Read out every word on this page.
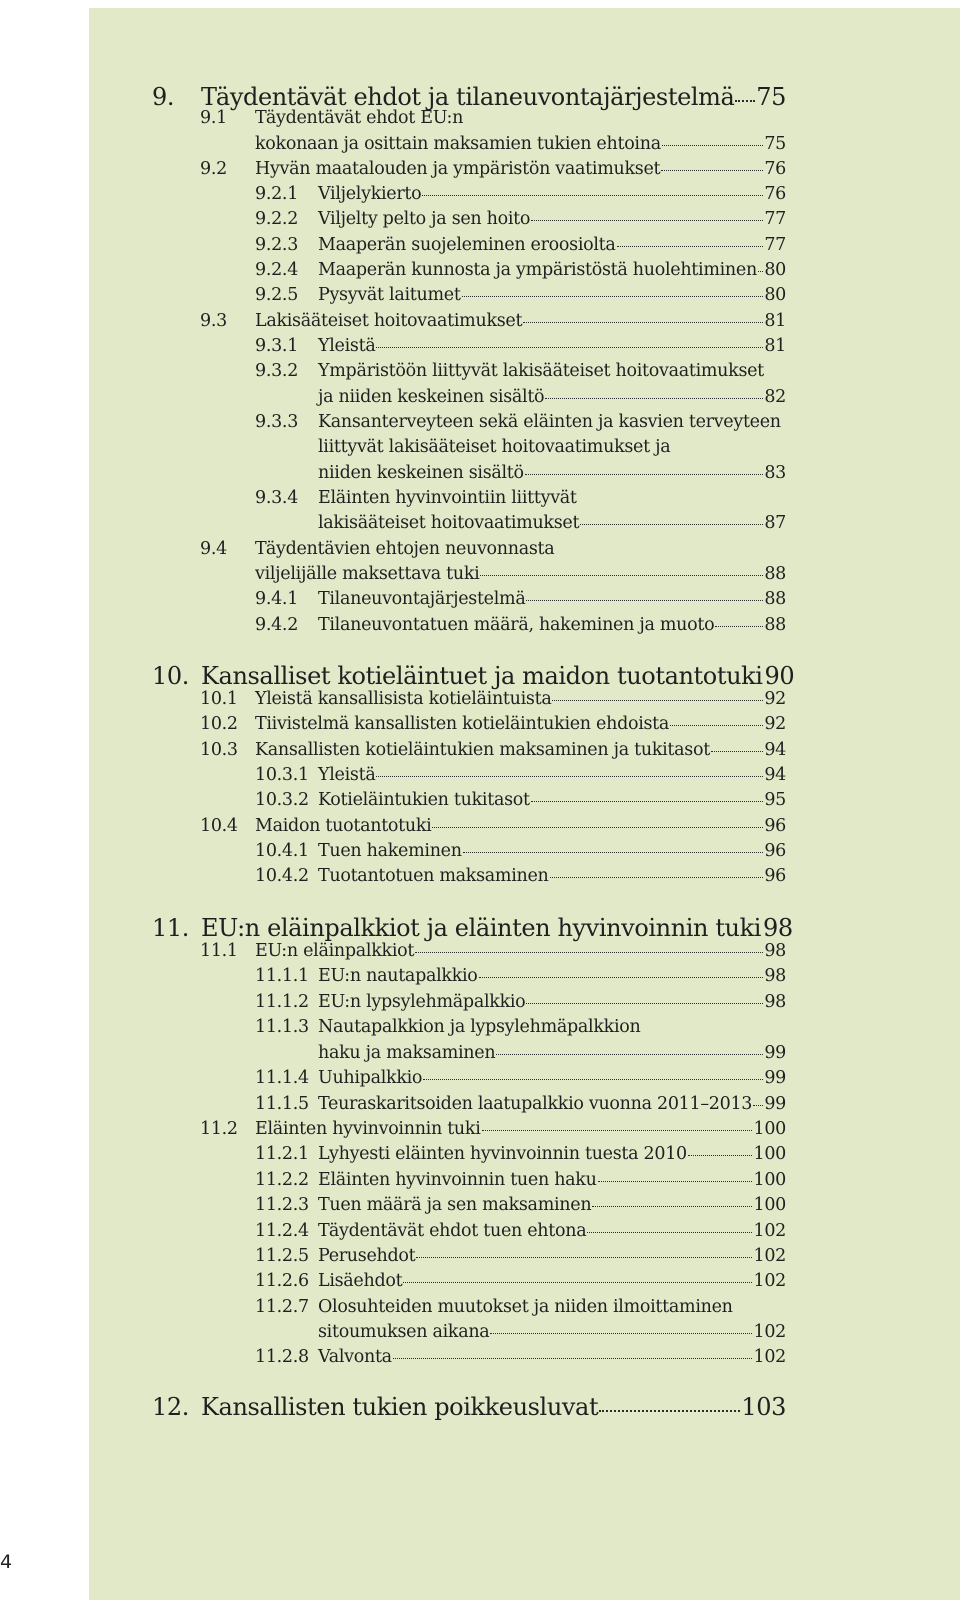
9. Täydentävät ehdot ja tilaneuvontajärjestelmä 75
9.1 Täydentävät ehdot EU:n
kokonaan ja osittain maksamien tukien ehtoina	75
9.2 Hyvän maatalouden ja ympäristön vaatimukset	76
9.2.1 Viljelykierto	76
9.2.2 Viljelty pelto ja sen hoito	77
9.2.3 Maaperän suojeleminen eroosiolta	77
9.2.4 Maaperän kunnosta ja ympäristöstä huolehtiminen 80
9.2.5 Pysyvät laitumet	80
9.3 Lakisääteiset hoitovaatimukset	81
9.3.1 Yleistä	81
9.3.2 Ympäristöön liittyvät lakisääteiset hoitovaatimukset
ja niiden keskeinen sisältö	82
9.3.3 Kansanterveyteen sekä eläinten ja kasvien terveyteen
liittyvät lakisääteiset hoitovaatimukset ja
niiden keskeinen sisältö	83
9.3.4 Eläinten hyvinvointiin liittyvät
lakisääteiset hoitovaatimukset	87
9.4 Täydentävien ehtojen neuvonnasta
viljelijälle maksettava tuki	88
9.4.1 Tilaneuvontajärjestelmä	88
9.4.2 Tilaneuvontatuen määrä, hakeminen ja muoto	88
10. Kansalliset kotieläintuet ja maidon tuotantotuki 90
10.1 Yleistä kansallisista kotieläintuista	92
10.2 Tiivistelmä kansallisten kotieläintukien ehdoista	92
10.3 Kansallisten kotieläintukien maksaminen ja tukitasot	94
10.3.1 Yleistä	94
10.3.2 Kotieläintukien tukitasot	95
10.4 Maidon tuotantotuki	96
10.4.1 Tuen hakeminen	96
10.4.2 Tuotantotuen maksaminen	96
11. EU:n eläinpalkkiot ja eläinten hyvinvoinnin tuki 98
11.1 EU:n eläinpalkkiot	98
11.1.1 EU:n nautapalkkio	98
11.1.2 EU:n lypsylehmäpalkkio	98
11.1.3 Nautapalkkion ja lypsylehmäpalkkion
haku ja maksaminen	99
11.1.4 Uuhipalkkio	99
11.1.5 Teuraskaritsoiden laatupalkkio vuonna 2011–2013 99
11.2 Eläinten hyvinvoinnin tuki	100
11.2.1 Lyhyesti eläinten hyvinvoinnin tuesta 2010	100
11.2.2 Eläinten hyvinvoinnin tuen haku	100
11.2.3 Tuen määrä ja sen maksaminen	100
11.2.4 Täydentävät ehdot tuen ehtona	102
11.2.5 Perusehdot	102
11.2.6 Lisäehdot	102
11.2.7 Olosuhteiden muutokset ja niiden ilmoittaminen
sitoumuksen aikana	102
11.2.8 Valvonta	102
12. Kansallisten tukien poikkeusluvat	103
4
